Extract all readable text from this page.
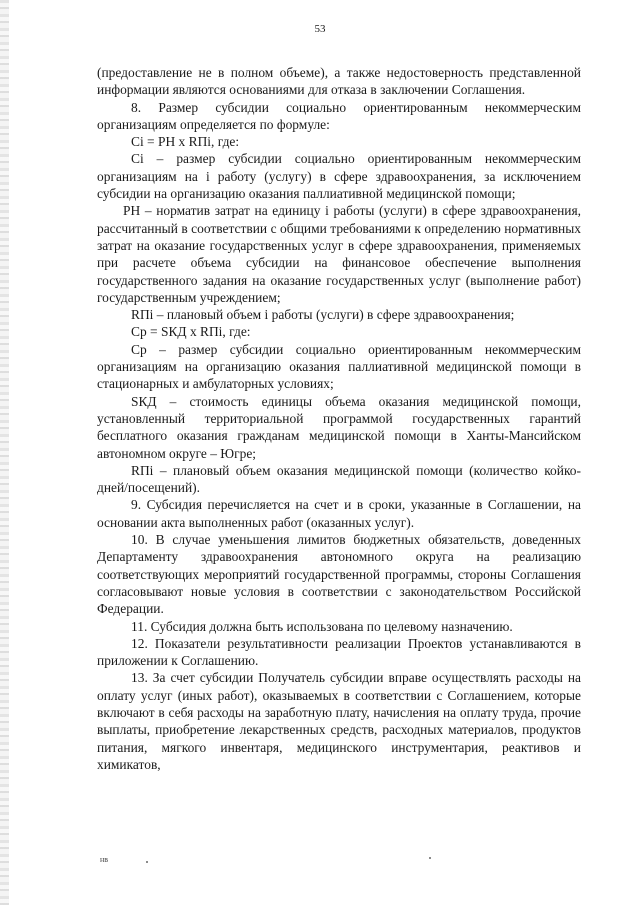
53

(предоставление не в полном объеме), а также недостоверность представленной информации являются основаниями для отказа в заключении Соглашения.

8. Размер субсидии социально ориентированным некоммерческим организациям определяется по формуле:

Ci = РН x RПi, где:

Ci – размер субсидии социально ориентированным некоммерческим организациям на i работу (услугу) в сфере здравоохранения, за исключением субсидии на организацию оказания паллиативной медицинской помощи;

РН – норматив затрат на единицу i работы (услуги) в сфере здравоохранения, рассчитанный в соответствии с общими требованиями к определению нормативных затрат на оказание государственных услуг в сфере здравоохранения, применяемых при расчете объема субсидии на финансовое обеспечение выполнения государственного задания на оказание государственных услуг (выполнение работ) государственным учреждением;

RПi – плановый объем i работы (услуги) в сфере здравоохранения;

Ср = SКД x RПi, где:

Ср – размер субсидии социально ориентированным некоммерческим организациям на организацию оказания паллиативной медицинской помощи в стационарных и амбулаторных условиях;

SКД – стоимость единицы объема оказания медицинской помощи, установленный территориальной программой государственных гарантий бесплатного оказания гражданам медицинской помощи в Ханты-Мансийском автономном округе – Югре;

RПi – плановый объем оказания медицинской помощи (количество койко-дней/посещений).

9. Субсидия перечисляется на счет и в сроки, указанные в Соглашении, на основании акта выполненных работ (оказанных услуг).

10. В случае уменьшения лимитов бюджетных обязательств, доведенных Департаменту здравоохранения автономного округа на реализацию соответствующих мероприятий государственной программы, стороны Соглашения согласовывают новые условия в соответствии с законодательством Российской Федерации.

11. Субсидия должна быть использована по целевому назначению.

12. Показатели результативности реализации Проектов устанавливаются в приложении к Соглашению.

13. За счет субсидии Получатель субсидии вправе осуществлять расходы на оплату услуг (иных работ), оказываемых в соответствии с Соглашением, которые включают в себя расходы на заработную плату, начисления на оплату труда, прочие выплаты, приобретение лекарственных средств, расходных материалов, продуктов питания, мягкого инвентаря, медицинского инструментария, реактивов и химикатов,

нв
